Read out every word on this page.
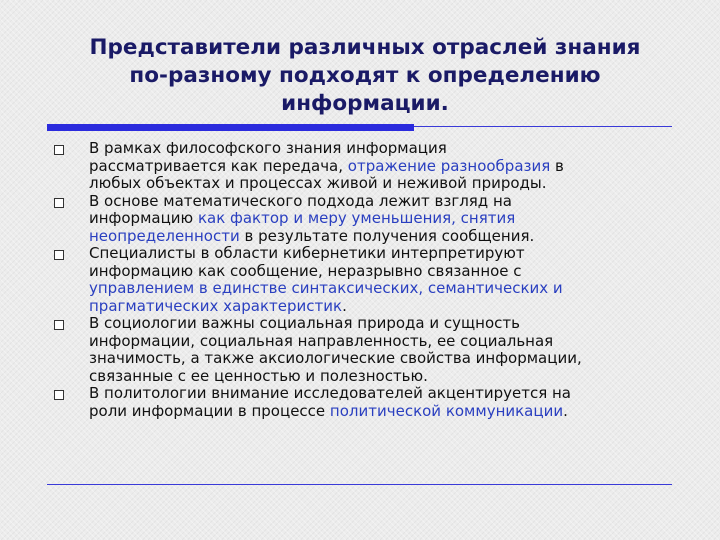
Представители различных отраслей знания
по-разному подходят к определению
информации.
В рамках философского знания информация
рассматривается как передача, отражение разнообразия в
любых объектах и процессах живой и неживой природы.
В основе математического подхода лежит взгляд на
информацию как фактор и меру уменьшения, снятия
неопределенности в результате получения сообщения.
Специалисты в области кибернетики интерпретируют
информацию как сообщение, неразрывно связанное с
управлением в единстве синтаксических, семантических и
прагматических характеристик.
В социологии важны социальная природа и сущность
информации, социальная направленность, ее социальная
значимость, а также аксиологические свойства информации,
связанные с ее ценностью и полезностью.
В политологии внимание исследователей акцентируется на
роли информации в процессе политической коммуникации.
